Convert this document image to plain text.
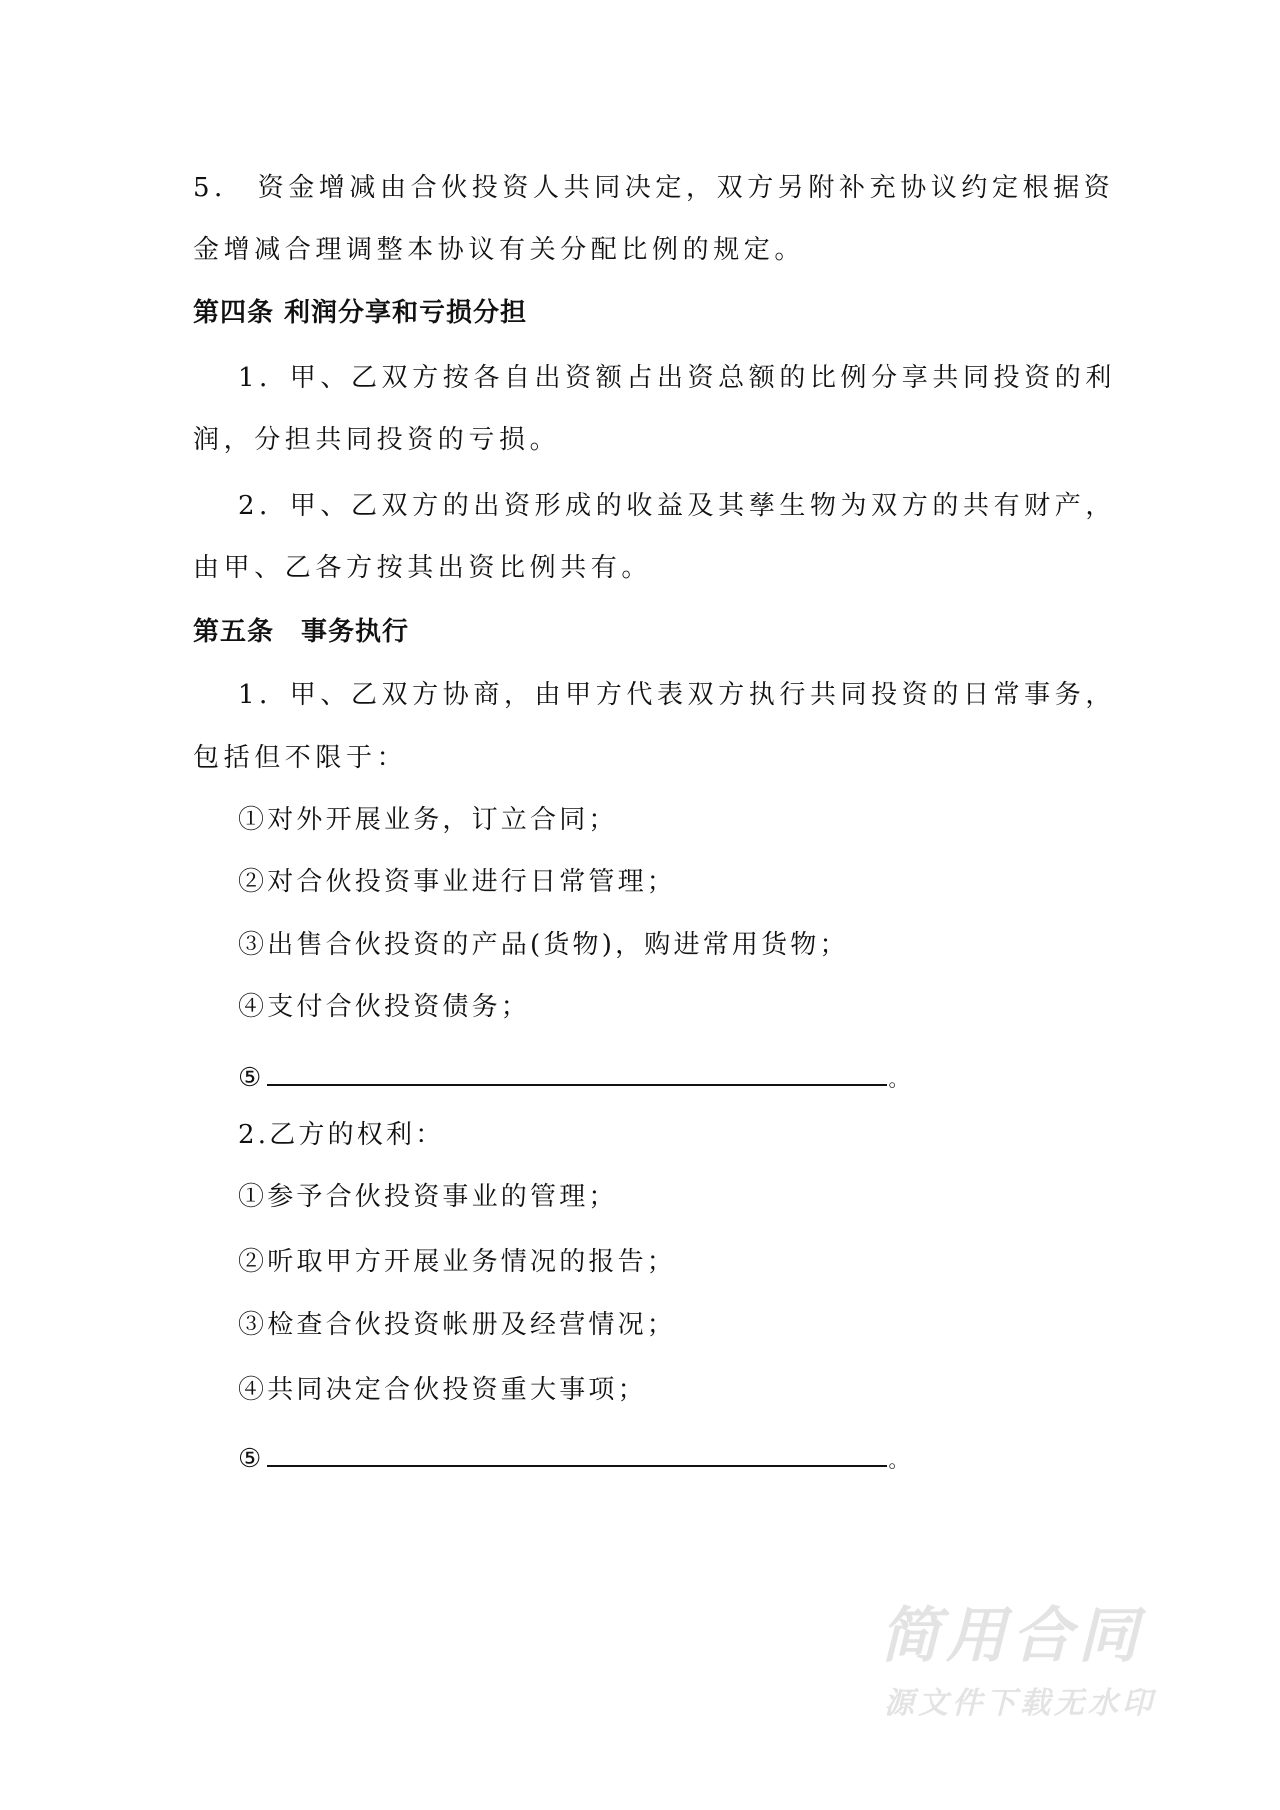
5． 资金增减由合伙投资人共同决定，双方另附补充协议约定根据资
金增减合理调整本协议有关分配比例的规定。
第四条 利润分享和亏损分担
1．甲、乙双方按各自出资额占出资总额的比例分享共同投资的利
润，分担共同投资的亏损。
2．甲、乙双方的出资形成的收益及其孳生物为双方的共有财产，
由甲、乙各方按其出资比例共有。
第五条　事务执行
1．甲、乙双方协商，由甲方代表双方执行共同投资的日常事务，
包括但不限于：
①对外开展业务，订立合同；
②对合伙投资事业进行日常管理；
③出售合伙投资的产品(货物)，购进常用货物；
④支付合伙投资债务；
⑤	。
2.乙方的权利：
①参予合伙投资事业的管理；
②听取甲方开展业务情况的报告；
③检查合伙投资帐册及经营情况；
④共同决定合伙投资重大事项；
⑤	。
简用合同
源文件下载无水印
